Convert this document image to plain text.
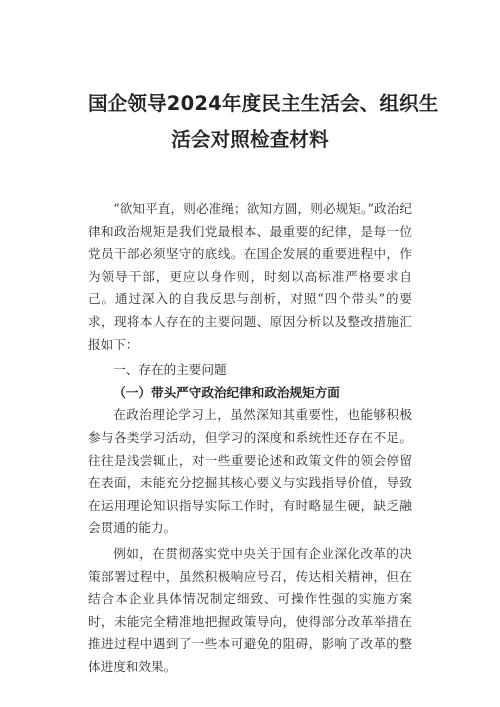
国企领导2024年度民主生活会、组织生
活会对照检查材料

“欲知平直，则必准绳；欲知方圆，则必规矩。”政治纪律和政治规矩是我们党最根本、最重要的纪律，是每一位党员干部必须坚守的底线。在国企发展的重要进程中，作为领导干部，更应以身作则，时刻以高标准严格要求自己。通过深入的自我反思与剖析，对照“四个带头”的要求，现将本人存在的主要问题、原因分析以及整改措施汇报如下：

一、存在的主要问题

（一）带头严守政治纪律和政治规矩方面

在政治理论学习上，虽然深知其重要性，也能够积极参与各类学习活动，但学习的深度和系统性还存在不足。往往是浅尝辄止，对一些重要论述和政策文件的领会停留在表面，未能充分挖掘其核心要义与实践指导价值，导致在运用理论知识指导实际工作时，有时略显生硬，缺乏融会贯通的能力。

例如，在贯彻落实党中央关于国有企业深化改革的决策部署过程中，虽然积极响应号召，传达相关精神，但在结合本企业具体情况制定细致、可操作性强的实施方案时，未能完全精准地把握政策导向，使得部分改革举措在推进过程中遇到了一些本可避免的阻碍，影响了改革的整体进度和效果。
